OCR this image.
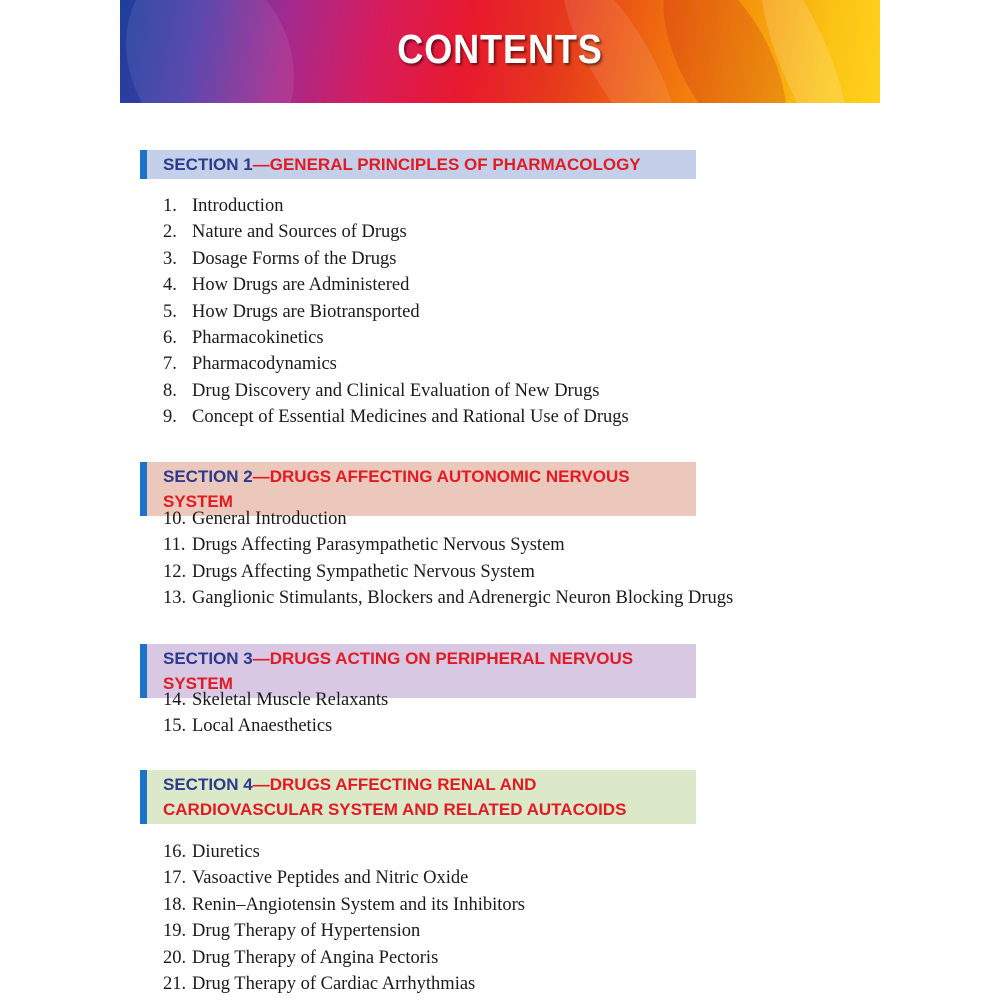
CONTENTS
SECTION 1—GENERAL PRINCIPLES OF PHARMACOLOGY
1. Introduction
2. Nature and Sources of Drugs
3. Dosage Forms of the Drugs
4. How Drugs are Administered
5. How Drugs are Biotransported
6. Pharmacokinetics
7. Pharmacodynamics
8. Drug Discovery and Clinical Evaluation of New Drugs
9. Concept of Essential Medicines and Rational Use of Drugs
SECTION 2—DRUGS AFFECTING AUTONOMIC NERVOUS SYSTEM
10. General Introduction
11. Drugs Affecting Parasympathetic Nervous System
12. Drugs Affecting Sympathetic Nervous System
13. Ganglionic Stimulants, Blockers and Adrenergic Neuron Blocking Drugs
SECTION 3—DRUGS ACTING ON PERIPHERAL NERVOUS SYSTEM
14. Skeletal Muscle Relaxants
15. Local Anaesthetics
SECTION 4—DRUGS AFFECTING RENAL AND CARDIOVASCULAR SYSTEM AND RELATED AUTACOIDS
16. Diuretics
17. Vasoactive Peptides and Nitric Oxide
18. Renin–Angiotensin System and its Inhibitors
19. Drug Therapy of Hypertension
20. Drug Therapy of Angina Pectoris
21. Drug Therapy of Cardiac Arrhythmias
